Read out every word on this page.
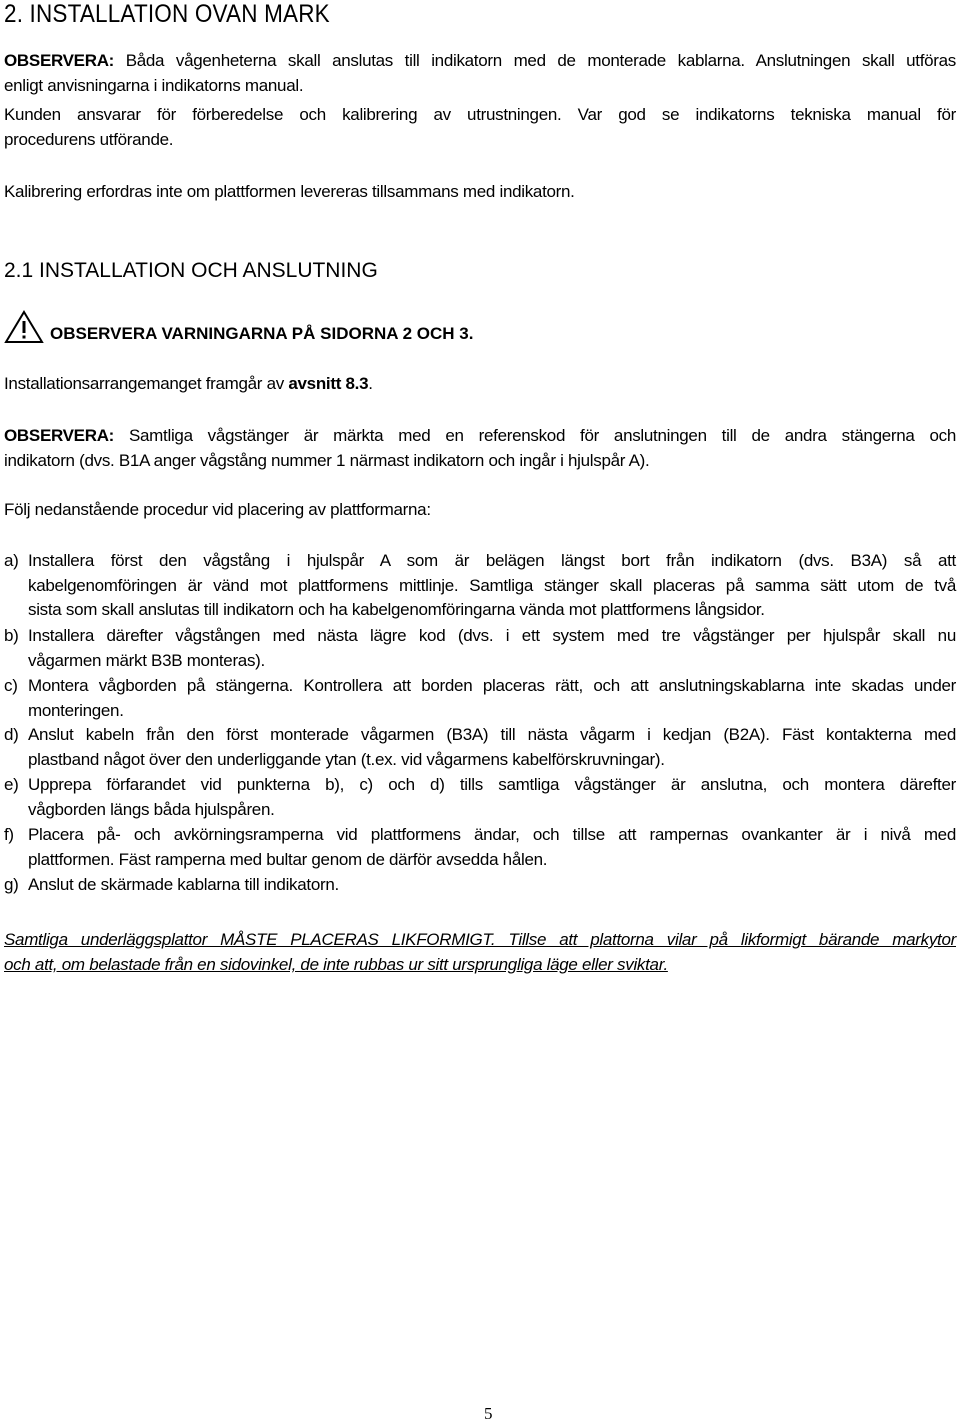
2. INSTALLATION OVAN MARK
OBSERVERA: Båda vågenheterna skall anslutas till indikatorn med de monterade kablarna. Anslutningen skall utföras
enligt anvisningarna i indikatorns manual.
Kunden ansvarar för förberedelse och kalibrering av utrustningen. Var god se indikatorns tekniska manual för
procedurens utförande.
Kalibrering erfordras inte om plattformen levereras tillsammans med indikatorn.
2.1 INSTALLATION OCH ANSLUTNING
OBSERVERA VARNINGARNA PÅ SIDORNA 2 OCH 3.
Installationsarrangemanget framgår av avsnitt 8.3.
OBSERVERA: Samtliga vågstänger är märkta med en referenskod för anslutningen till de andra stängerna och
indikatorn (dvs. B1A anger vågstång nummer 1 närmast indikatorn och ingår i hjulspår A).
Följ nedanstående procedur vid placering av plattformarna:
a) Installera först den vågstång i hjulspår A som är belägen längst bort från indikatorn (dvs. B3A) så att
kabelgenomföringen är vänd mot plattformens mittlinje. Samtliga stänger skall placeras på samma sätt utom de två
sista som skall anslutas till indikatorn och ha kabelgenomföringarna vända mot plattformens långsidor.
b) Installera därefter vågstången med nästa lägre kod (dvs. i ett system med tre vågstänger per hjulspår skall nu
vågarmen märkt B3B monteras).
c) Montera vågborden på stängerna. Kontrollera att borden placeras rätt, och att anslutningskablarna inte skadas under
monteringen.
d) Anslut kabeln från den först monterade vågarmen (B3A) till nästa vågarm i kedjan (B2A). Fäst kontakterna med
plastband något över den underliggande ytan (t.ex. vid vågarmens kabelförskruvningar).
e) Upprepa förfarandet vid punkterna b), c) och d) tills samtliga vågstänger är anslutna, och montera därefter
vågborden längs båda hjulspåren.
f) Placera på- och avkörningsramperna vid plattformens ändar, och tillse att rampernas ovankanter är i nivå med
plattformen. Fäst ramperna med bultar genom de därför avsedda hålen.
g) Anslut de skärmade kablarna till indikatorn.
Samtliga underläggsplattor MÅSTE PLACERAS LIKFORMIGT. Tillse att plattorna vilar på likformigt bärande markytor
och att, om belastade från en sidovinkel, de inte rubbas ur sitt ursprungliga läge eller sviktar.
5
